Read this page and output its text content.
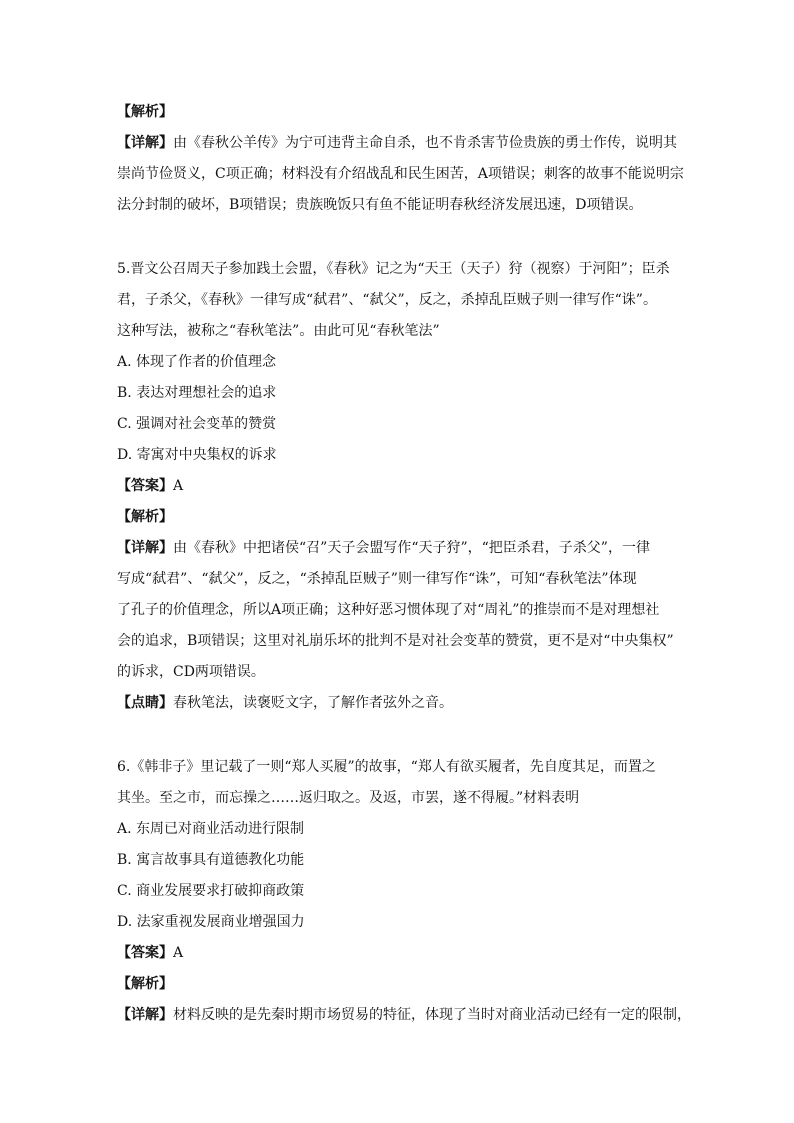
【解析】
【详解】由《春秋公羊传》为宁可违背主命自杀，也不肯杀害节俭贵族的勇士作传，说明其
崇尚节俭贤义，C项正确；材料没有介绍战乱和民生困苦，A项错误；刺客的故事不能说明宗
法分封制的破坏，B项错误；贵族晚饭只有鱼不能证明春秋经济发展迅速，D项错误。
5.晋文公召周天子参加践土会盟，《春秋》记之为“天王（天子）狩（视察）于河阳”；臣杀
君，子杀父，《春秋》一律写成“弑君”、“弑父”，反之，杀掉乱臣贼子则一律写作“诛”。
这种写法，被称之“春秋笔法”。由此可见“春秋笔法”
A. 体现了作者的价值理念
B. 表达对理想社会的追求
C. 强调对社会变革的赞赏
D. 寄寓对中央集权的诉求
【答案】A
【解析】
【详解】由《春秋》中把诸侯“召”天子会盟写作“天子狩”，“把臣杀君，子杀父”，一律
写成“弑君”、“弑父”，反之，“杀掉乱臣贼子”则一律写作“诛”，可知“春秋笔法”体现
了孔子的价值理念，所以A项正确；这种好恶习惯体现了对“周礼”的推崇而不是对理想社
会的追求，B项错误；这里对礼崩乐坏的批判不是对社会变革的赞赏，更不是对“中央集权”
的诉求，CD两项错误。
【点睛】春秋笔法，读褒贬文字，了解作者弦外之音。
6.《韩非子》里记载了一则“郑人买履”的故事，“郑人有欲买履者，先自度其足，而置之
其坐。至之市，而忘操之……返归取之。及返，市罢，遂不得履。”材料表明
A. 东周已对商业活动进行限制
B. 寓言故事具有道德教化功能
C. 商业发展要求打破抑商政策
D. 法家重视发展商业增强国力
【答案】A
【解析】
【详解】材料反映的是先秦时期市场贸易的特征，体现了当时对商业活动已经有一定的限制，
